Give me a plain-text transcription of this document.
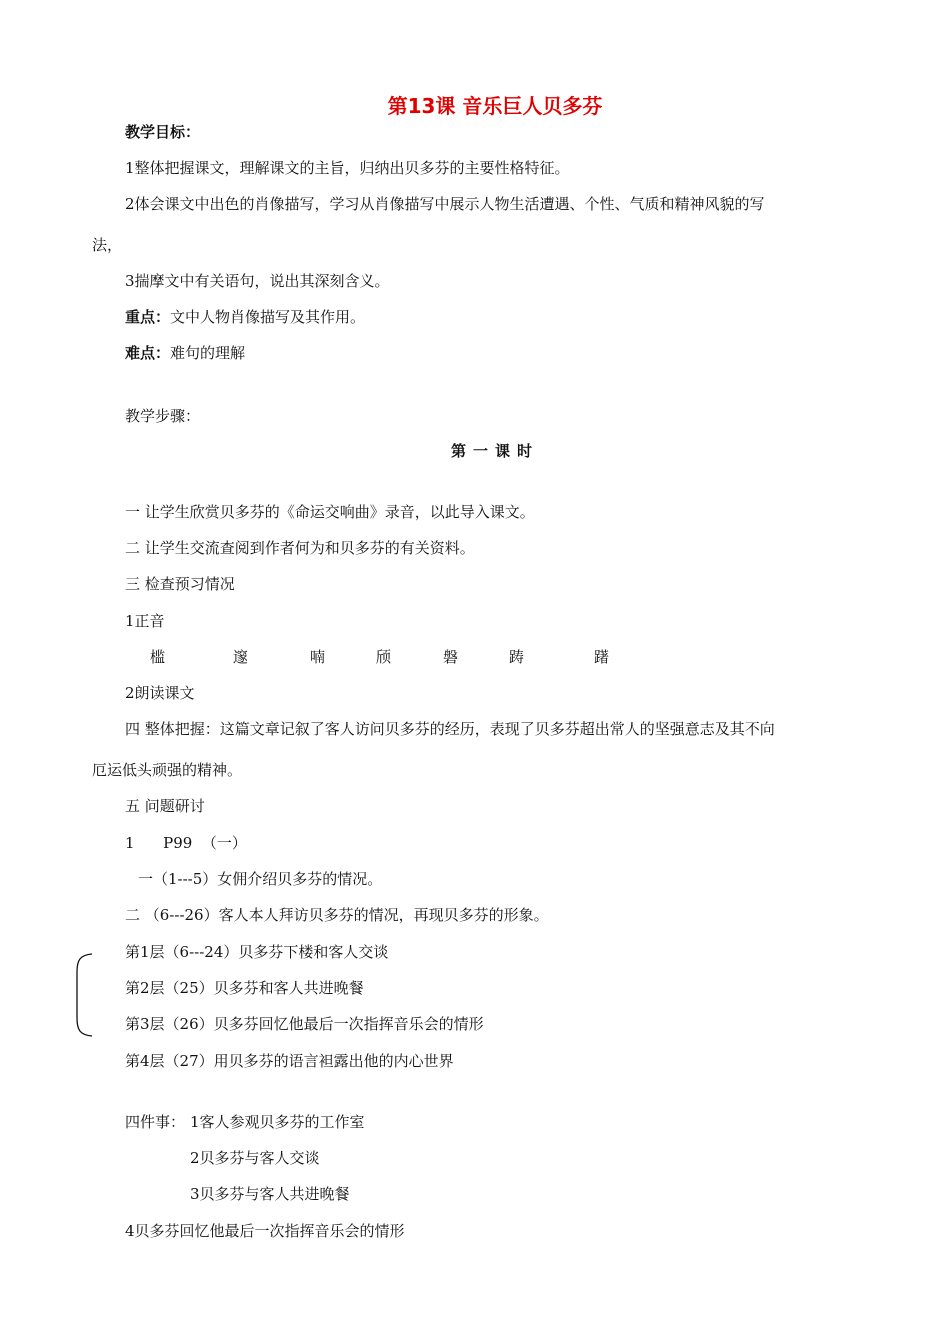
第13课 音乐巨人贝多芬
教学目标：
1整体把握课文，理解课文的主旨，归纳出贝多芬的主要性格特征。
2体会课文中出色的肖像描写，学习从肖像描写中展示人物生活遭遇、个性、气质和精神风貌的写
法，
3揣摩文中有关语句，说出其深刻含义。
重点：文中人物肖像描写及其作用。
难点：难句的理解
教学步骤：
第一课时
一 让学生欣赏贝多芬的《命运交响曲》录音，以此导入课文。
二 让学生交流查阅到作者何为和贝多芬的有关资料。
三 检查预习情况
1正音
槛	邃	喃	颀	磐	踌	躇
2朗读课文
四 整体把握：这篇文章记叙了客人访问贝多芬的经历，表现了贝多芬超出常人的坚强意志及其不向
厄运低头顽强的精神。
五 问题研讨
1      P99  （一）
一（1---5）女佣介绍贝多芬的情况。
二 （6---26）客人本人拜访贝多芬的情况，再现贝多芬的形象。
第1层（6---24）贝多芬下楼和客人交谈
第2层（25）贝多芬和客人共进晚餐
第3层（26）贝多芬回忆他最后一次指挥音乐会的情形
第4层（27）用贝多芬的语言袒露出他的内心世界
四件事： 1客人参观贝多芬的工作室
2贝多芬与客人交谈
3贝多芬与客人共进晚餐
4贝多芬回忆他最后一次指挥音乐会的情形
